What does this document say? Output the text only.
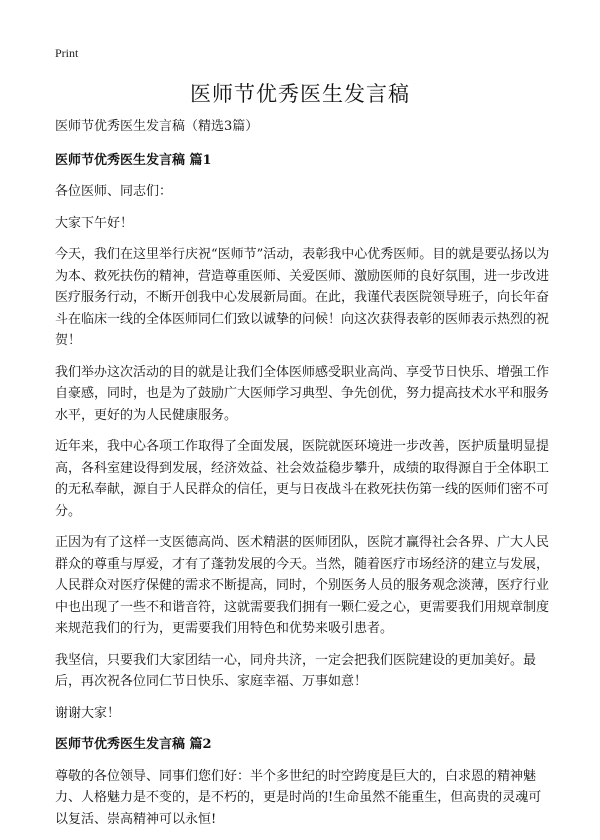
Print
医师节优秀医生发言稿

医师节优秀医生发言稿（精选3篇）

医师节优秀医生发言稿 篇1

各位医师、同志们：

大家下午好！

今天，我们在这里举行庆祝“医师节”活动，表彰我中心优秀医师。目的就是要弘扬以为为本、救死扶伤的精神，营造尊重医师、关爱医师、激励医师的良好氛围，进一步改进医疗服务行动，不断开创我中心发展新局面。在此，我谨代表医院领导班子，向长年奋斗在临床一线的全体医师同仁们致以诚挚的问候！向这次获得表彰的医师表示热烈的祝贺！

我们举办这次活动的目的就是让我们全体医师感受职业高尚、享受节日快乐、增强工作自豪感，同时，也是为了鼓励广大医师学习典型、争先创优，努力提高技术水平和服务水平，更好的为人民健康服务。

近年来，我中心各项工作取得了全面发展，医院就医环境进一步改善，医护质量明显提高，各科室建设得到发展，经济效益、社会效益稳步攀升，成绩的取得源自于全体职工的无私奉献，源自于人民群众的信任，更与日夜战斗在救死扶伤第一线的医师们密不可分。

正因为有了这样一支医德高尚、医术精湛的医师团队，医院才赢得社会各界、广大人民群众的尊重与厚爱，才有了蓬勃发展的今天。当然，随着医疗市场经济的建立与发展，人民群众对医疗保健的需求不断提高，同时，个别医务人员的服务观念淡薄，医疗行业中也出现了一些不和谐音符，这就需要我们拥有一颗仁爱之心，更需要我们用规章制度来规范我们的行为，更需要我们用特色和优势来吸引患者。

我坚信，只要我们大家团结一心，同舟共济，一定会把我们医院建设的更加美好。最后，再次祝各位同仁节日快乐、家庭幸福、万事如意！

谢谢大家！

医师节优秀医生发言稿 篇2

尊敬的各位领导、同事们您们好：半个多世纪的时空跨度是巨大的，白求恩的精神魅力、人格魅力是不变的，是不朽的，更是时尚的!生命虽然不能重生，但高贵的灵魂可以复活、崇高精神可以永恒!
